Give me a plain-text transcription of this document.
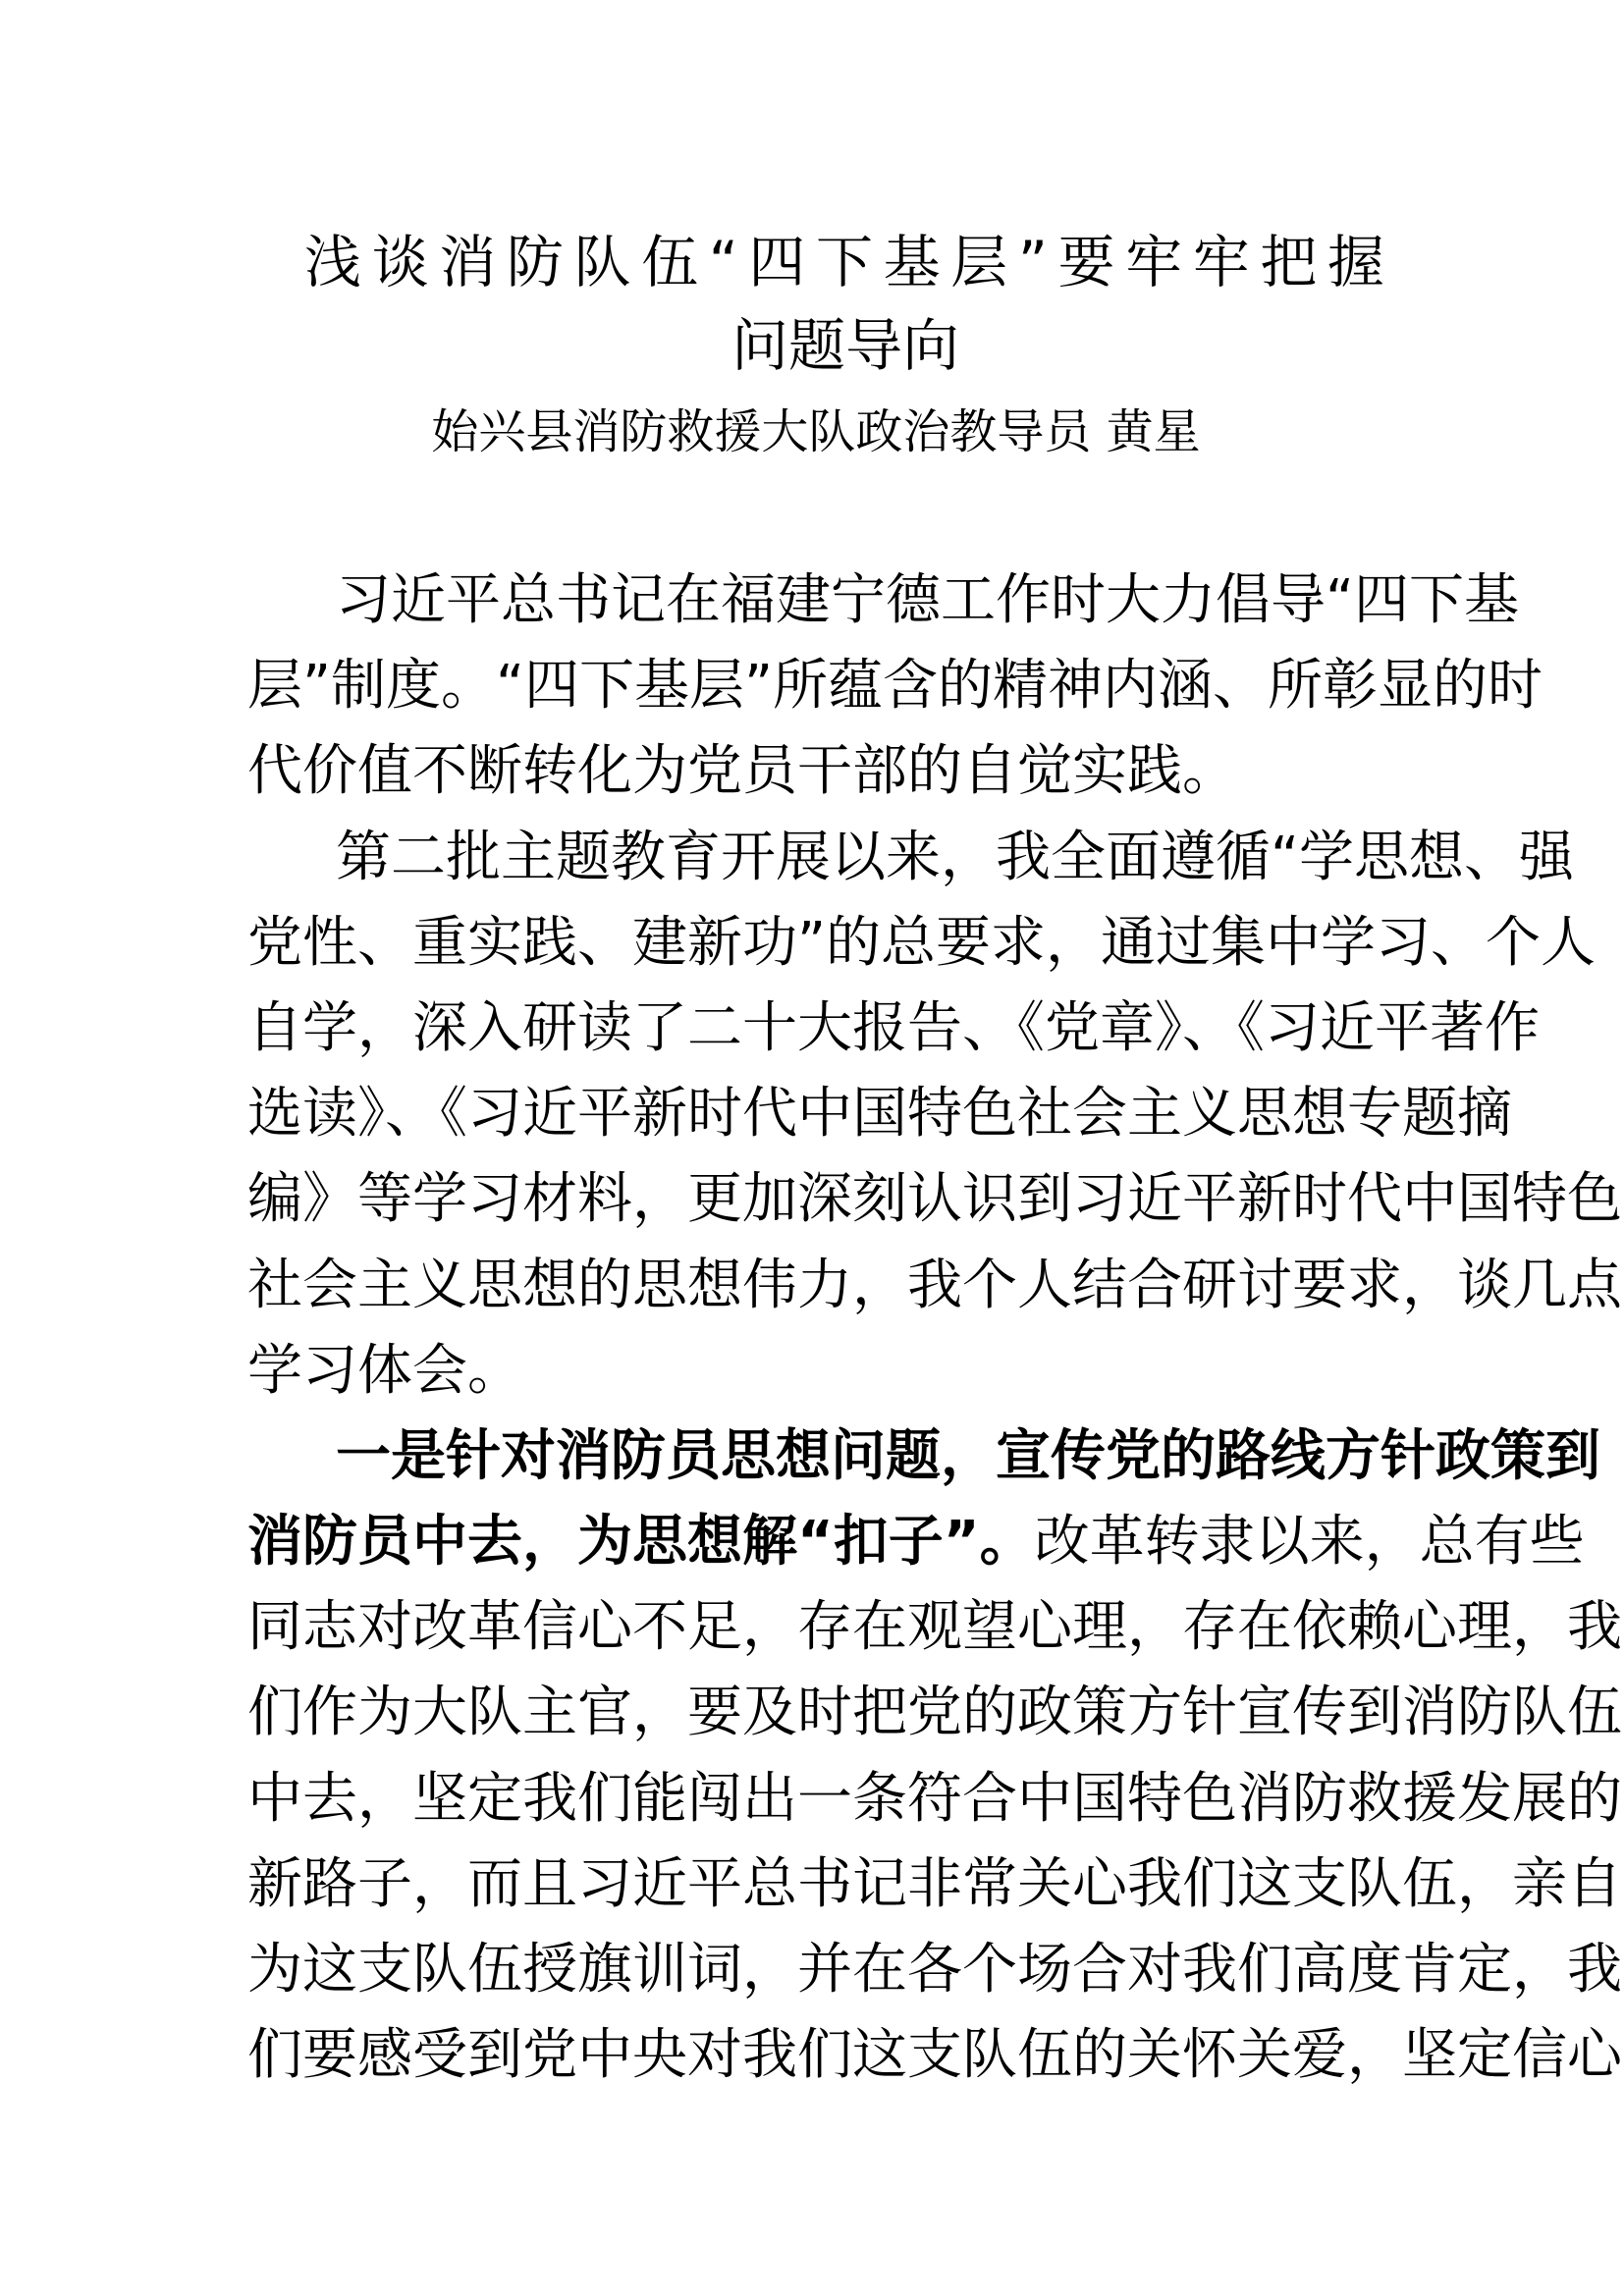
浅谈消防队伍“四下基层”要牢牢把握
问题导向
始兴县消防救援大队政治教导员 黄星
习近平总书记在福建宁德工作时大力倡导“四下基
层”制度。“四下基层”所蕴含的精神内涵、所彰显的时
代价值不断转化为党员干部的自觉实践。
第二批主题教育开展以来，我全面遵循“学思想、强
党性、重实践、建新功”的总要求，通过集中学习、个人
自学，深入研读了二十大报告、《党章》、《习近平著作
选读》、《习近平新时代中国特色社会主义思想专题摘
编》等学习材料，更加深刻认识到习近平新时代中国特色
社会主义思想的思想伟力，我个人结合研讨要求，谈几点
学习体会。
一是针对消防员思想问题，宣传党的路线方针政策到
消防员中去，为思想解“扣子”。改革转隶以来，总有些
同志对改革信心不足，存在观望心理，存在依赖心理，我
们作为大队主官，要及时把党的政策方针宣传到消防队伍
中去，坚定我们能闯出一条符合中国特色消防救援发展的
新路子，而且习近平总书记非常关心我们这支队伍，亲自
为这支队伍授旗训词，并在各个场合对我们高度肯定，我
们要感受到党中央对我们这支队伍的关怀关爱，坚定信心
